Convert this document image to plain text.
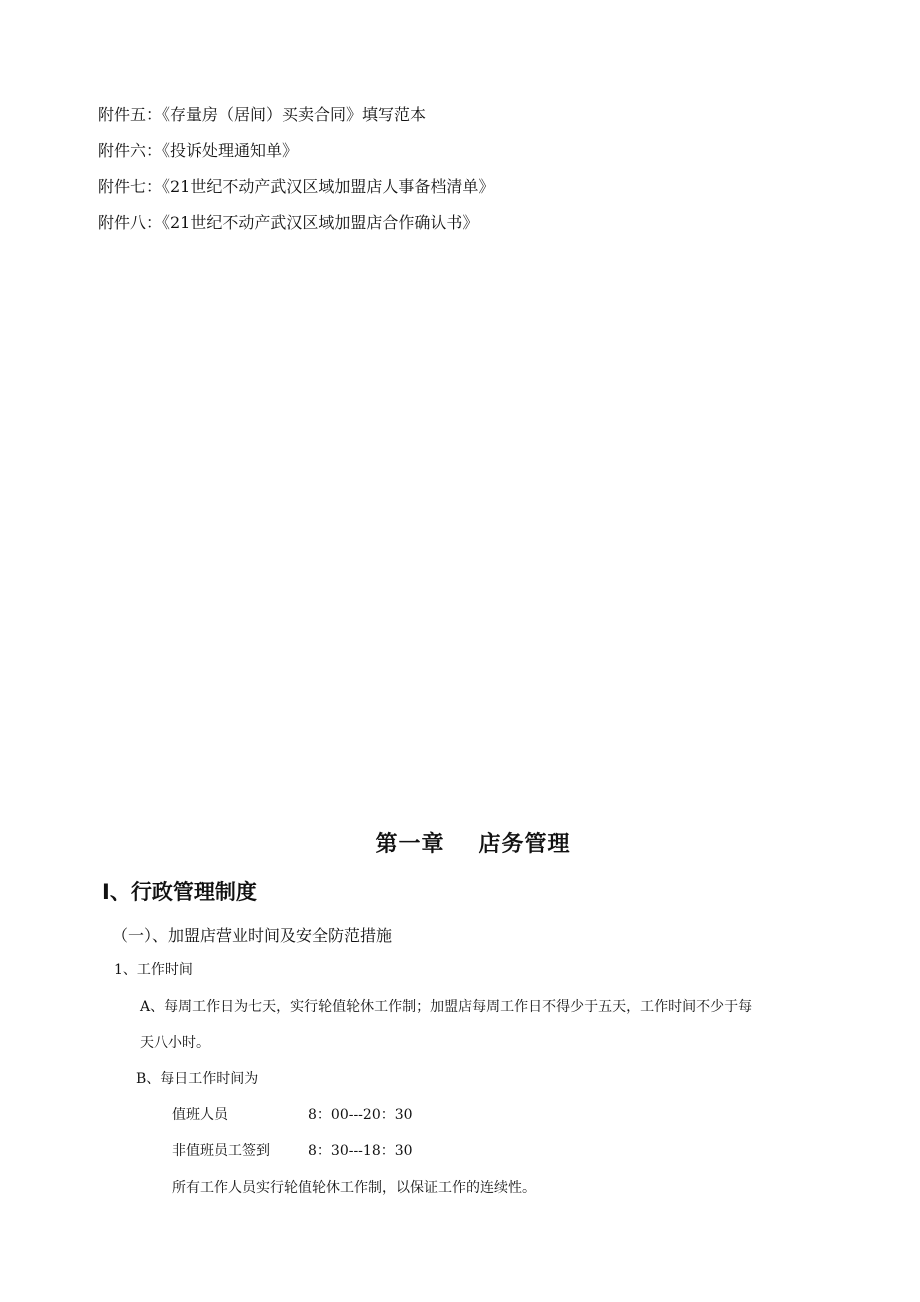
附件五：《存量房（居间）买卖合同》填写范本
附件六：《投诉处理通知单》
附件七：《21世纪不动产武汉区域加盟店人事备档清单》
附件八：《21世纪不动产武汉区域加盟店合作确认书》
第一章 店务管理
Ⅰ、行政管理制度
（一）、加盟店营业时间及安全防范措施
1、工作时间
A、每周工作日为七天，实行轮值轮休工作制；加盟店每周工作日不得少于五天，工作时间不少于每
天八小时。
B、每日工作时间为
值班人员	8：00---20：30
非值班员工签到	8：30---18：30
所有工作人员实行轮值轮休工作制，以保证工作的连续性。
